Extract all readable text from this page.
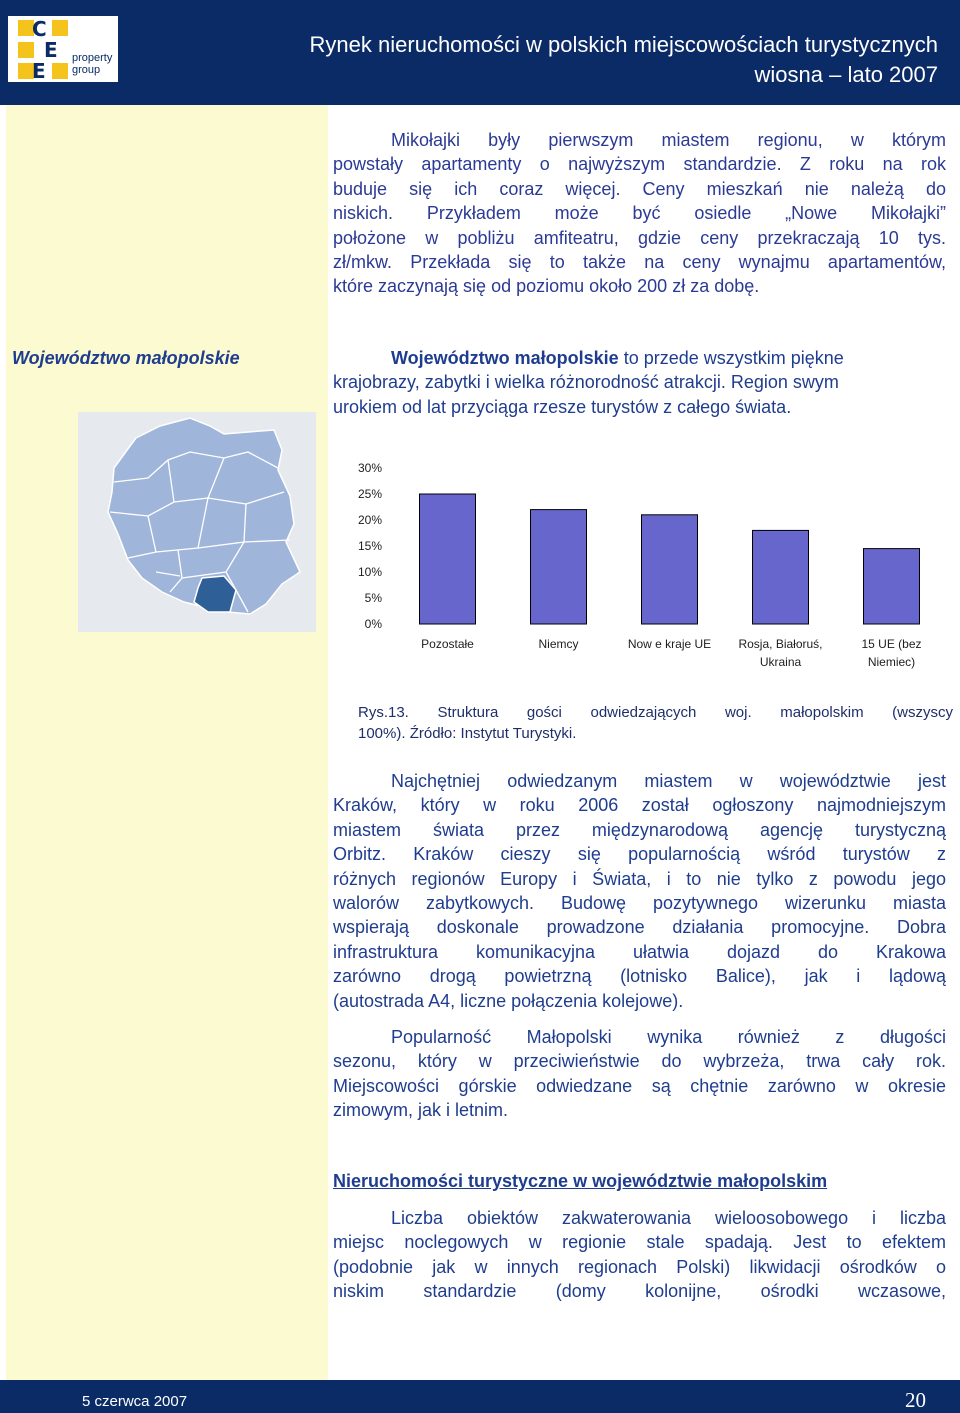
C
E
E
property
group
Rynek nieruchomości w polskich miejscowościach turystycznych
wiosna – lato 2007
Województwo małopolskie
Mikołajki były pierwszym miastem regionu, w którym
powstały apartamenty o najwyższym standardzie. Z roku na rok
buduje się ich coraz więcej. Ceny mieszkań nie należą do
niskich. Przykładem może być osiedle „Nowe Mikołajki”
położone w pobliżu amfiteatru, gdzie ceny przekraczają 10 tys.
zł/mkw. Przekłada się to także na ceny wynajmu apartamentów,
które zaczynają się od poziomu około 200 zł za dobę.
Województwo małopolskie to przede wszystkim piękne
krajobrazy, zabytki i wielka różnorodność atrakcji. Region swym
urokiem od lat przyciąga rzesze turystów z całego świata.
0%
5%
10%
15%
20%
25%
30%
Pozostałe	Niemcy	Now e kraje UE Rosja, Białoruś,
Ukraina
15 UE (bez
Niemiec)
Rys.13. Struktura gości odwiedzających woj. małopolskim (wszyscy
100%). Źródło: Instytut Turystyki.
Najchętniej odwiedzanym miastem w województwie jest
Kraków, który w roku 2006 został ogłoszony najmodniejszym
miastem świata przez międzynarodową agencję turystyczną
Orbitz. Kraków cieszy się popularnością wśród turystów z
różnych regionów Europy i Świata, i to nie tylko z powodu jego
walorów zabytkowych. Budowę pozytywnego wizerunku miasta
wspierają doskonale prowadzone działania promocyjne. Dobra
infrastruktura komunikacyjna ułatwia dojazd do Krakowa
zarówno drogą powietrzną (lotnisko Balice), jak i lądową
(autostrada A4, liczne połączenia kolejowe).
Popularność Małopolski wynika również z długości
sezonu, który w przeciwieństwie do wybrzeża, trwa cały rok.
Miejscowości górskie odwiedzane są chętnie zarówno w okresie
zimowym, jak i letnim.
Nieruchomości turystyczne w województwie małopolskim
Liczba obiektów zakwaterowania wieloosobowego i liczba
miejsc noclegowych w regionie stale spadają. Jest to efektem
(podobnie jak w innych regionach Polski) likwidacji ośrodków o
niskim standardzie (domy kolonijne, ośrodki wczasowe,
5 czerwca 2007	20
